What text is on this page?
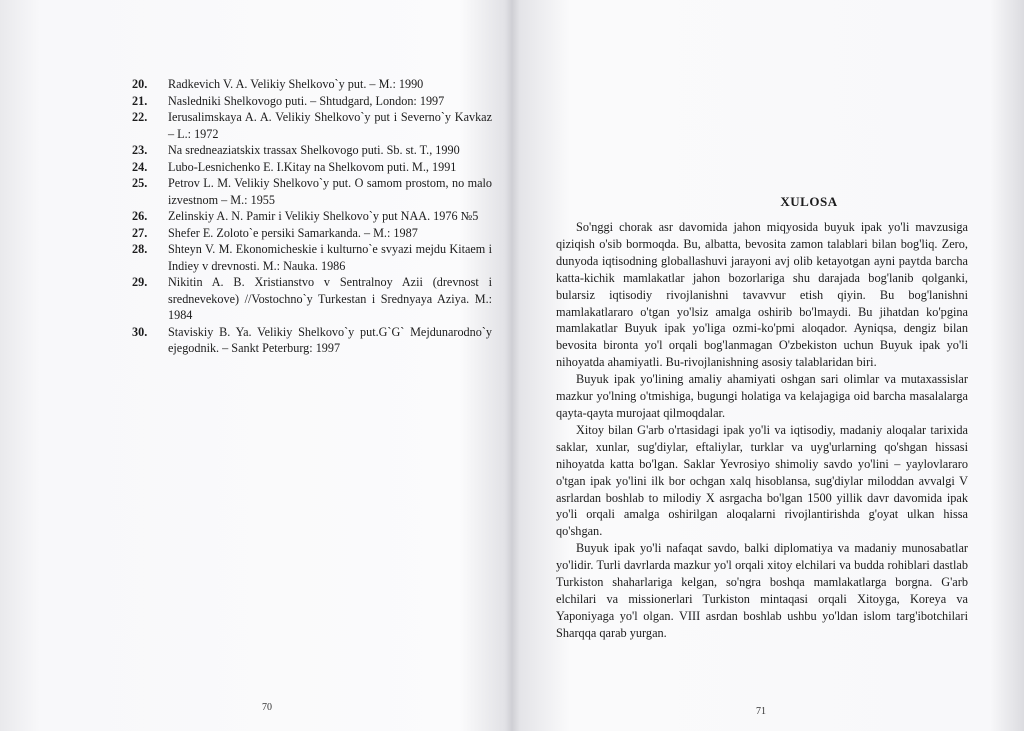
20.	Radkevich V. A. Velikiy Shelkovo`y put. – M.: 1990
21.	Nasledniki Shelkovogo puti. – Shtudgard, London: 1997
22.	Ierusalimskaya A. A. Velikiy Shelkovo`y put i Severno`y Kavkaz – L.: 1972
23.	Na sredneaziatskix trassax Shelkovogo puti. Sb. st. T., 1990
24.	Lubo-Lesnichenko E. I.Kitay na Shelkovom puti. M., 1991
25.	Petrov L. M. Velikiy Shelkovo`y put. O samom prostom, no malo izvestnom – M.: 1955
26.	Zelinskiy A. N. Pamir i Velikiy Shelkovo`y put NAA. 1976 №5
27.	Shefer E. Zoloto`e persiki Samarkanda. – M.: 1987
28.	Shteyn V. M. Ekonomicheskie i kulturno`e svyazi mejdu Kitaem i Indiey v drevnosti. M.: Nauka. 1986
29.	Nikitin A. B. Xristianstvo v Sentralnoy Azii (drevnost i srednevekove) //Vostochno`y Turkestan i Srednyaya Aziya. M.: 1984
30.	Staviskiy B. Ya. Velikiy Shelkovo`y put.G`G` Mejdunarodno`y ejegodnik. – Sankt Peterburg: 1997
70
XULOSA

So'nggi chorak asr davomida jahon miqyosida buyuk ipak yo'li mavzusiga qiziqish o'sib bormoqda. Bu, albatta, bevosita zamon talablari bilan bog'liq. Zero, dunyoda iqtisodning globallashuvi jarayoni avj olib ketayotgan ayni paytda barcha katta-kichik mamlakatlar jahon bozorlariga shu darajada bog'lanib qolganki, bularsiz iqtisodiy rivojlanishni tavavvur etish qiyin. Bu bog'lanishni mamlakatlararo o'tgan yo'lsiz amalga oshirib bo'lmaydi. Bu jihatdan ko'pgina mamlakatlar Buyuk ipak yo'liga ozmi-ko'pmi aloqador. Ayniqsa, dengiz bilan bevosita bironta yo'l orqali bog'lanmagan O'zbekiston uchun Buyuk ipak yo'li nihoyatda ahamiyatli. Bu-rivojlanishning asosiy talablaridan biri.

Buyuk ipak yo'lining amaliy ahamiyati oshgan sari olimlar va mutaxassislar mazkur yo'lning o'tmishiga, bugungi holatiga va kelajagiga oid barcha masalalarga qayta-qayta murojaat qilmoqdalar.

Xitoy bilan G'arb o'rtasidagi ipak yo'li va iqtisodiy, madaniy aloqalar tarixida saklar, xunlar, sug'diylar, eftaliylar, turklar va uyg'urlarning qo'shgan hissasi nihoyatda katta bo'lgan. Saklar Yevrosiyo shimoliy savdo yo'lini – yaylovlararo o'tgan ipak yo'lini ilk bor ochgan xalq hisoblansa, sug'diylar miloddan avvalgi V asrlardan boshlab to milodiy X asrgacha bo'lgan 1500 yillik davr davomida ipak yo'li orqali amalga oshirilgan aloqalarni rivojlantirishda g'oyat ulkan hissa qo'shgan.

Buyuk ipak yo'li nafaqat savdo, balki diplomatiya va madaniy munosabatlar yo'lidir. Turli davrlarda mazkur yo'l orqali xitoy elchilari va budda rohiblari dastlab Turkiston shaharlariga kelgan, so'ngra boshqa mamlakatlarga borgna. G'arb elchilari va missionerlari Turkiston mintaqasi orqali Xitoyga, Koreya va Yaponiyaga yo'l olgan. VIII asrdan boshlab ushbu yo'ldan islom targ'ibotchilari Sharqqa qarab yurgan.

71
